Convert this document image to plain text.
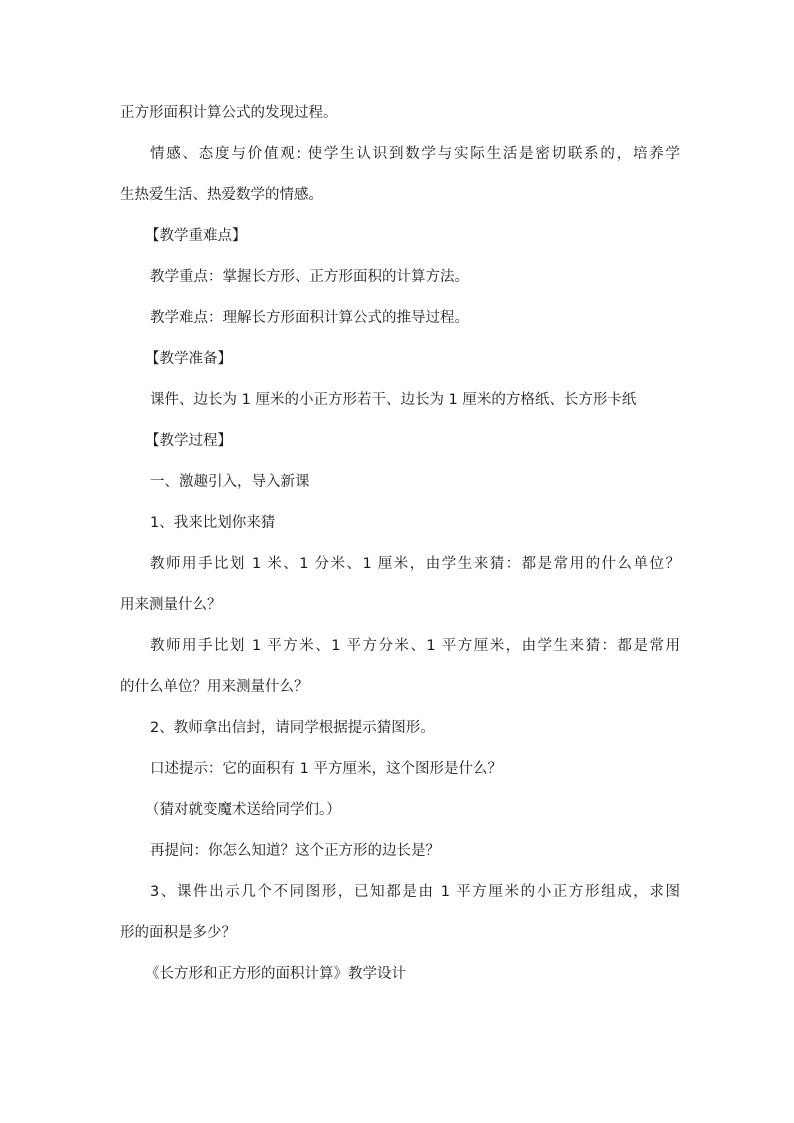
正方形面积计算公式的发现过程。
情感、态度与价值观: 使学生认识到数学与实际生活是密切联系的，培养学
生热爱生活、热爱数学的情感。
【教学重难点】
教学重点：掌握长方形、正方形面积的计算方法。
教学难点：理解长方形面积计算公式的推导过程。
【教学准备】
课件、边长为 1 厘米的小正方形若干、边长为 1 厘米的方格纸、长方形卡纸
【教学过程】
一、激趣引入，导入新课
1、我来比划你来猜
教师用手比划 1 米、1 分米、1 厘米，由学生来猜：都是常用的什么单位？
用来测量什么？
教师用手比划 1 平方米、1 平方分米、1 平方厘米，由学生来猜：都是常用
的什么单位？用来测量什么？
2、教师拿出信封，请同学根据提示猜图形。
口述提示：它的面积有 1 平方厘米，这个图形是什么？
（猜对就变魔术送给同学们。）
再提问：你怎么知道？这个正方形的边长是？
3、课件出示几个不同图形，已知都是由 1 平方厘米的小正方形组成，求图
形的面积是多少？
《长方形和正方形的面积计算》教学设计
